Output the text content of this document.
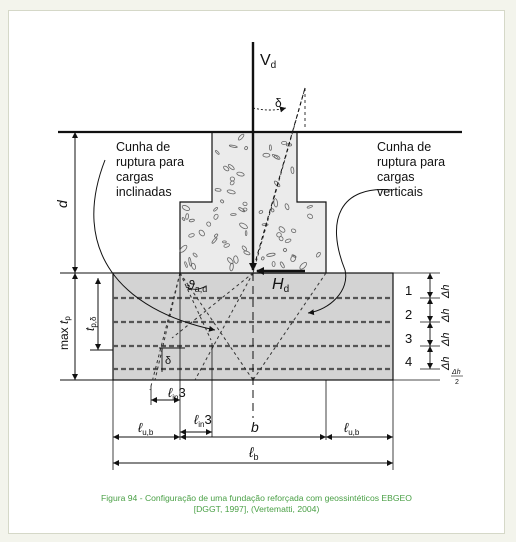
Vd
δ
Hd
Cunha de ruptura para cargas inclinadas
Cunha de ruptura para cargas verticais
d
max tp
tp,δ
ϑa,d
δ
ℓ$_{in}$3
ℓ$_{in}$3
ℓ$_{u,b}$	b	ℓ$_{u,b}$
ℓ$_b$
1
2
3
4
Δh
Δh
Δh
Δh
Δh
2
Figura 94 - Configuração de uma fundação reforçada com geossintéticos EBGEO
[DGGT, 1997], (Vertematti, 2004)
